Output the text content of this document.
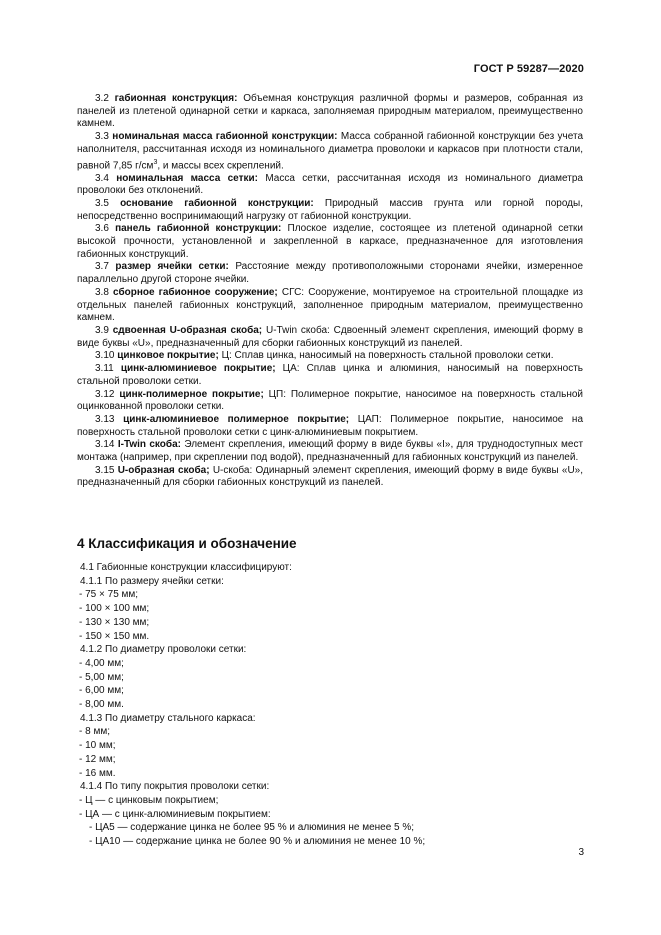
ГОСТ Р 59287—2020
3.2 габионная конструкция: Объемная конструкция различной формы и размеров, собранная из панелей из плетеной одинарной сетки и каркаса, заполняемая природным материалом, преимущественно камнем.
3.3 номинальная масса габионной конструкции: Масса собранной габионной конструкции без учета наполнителя, рассчитанная исходя из номинального диаметра проволоки и каркасов при плотности стали, равной 7,85 $г/см^3$, и массы всех скреплений.
3.4 номинальная масса сетки: Масса сетки, рассчитанная исходя из номинального диаметра проволоки без отклонений.
3.5 основание габионной конструкции: Природный массив грунта или горной породы, непосредственно воспринимающий нагрузку от габионной конструкции.
3.6 панель габионной конструкции: Плоское изделие, состоящее из плетеной одинарной сетки высокой прочности, установленной и закрепленной в каркасе, предназначенное для изготовления габионных конструкций.
3.7 размер ячейки сетки: Расстояние между противоположными сторонами ячейки, измеренное параллельно другой стороне ячейки.
3.8 сборное габионное сооружение; СГС: Сооружение, монтируемое на строительной площадке из отдельных панелей габионных конструкций, заполненное природным материалом, преимущественно камнем.
3.9 сдвоенная U-образная скоба; U-Twin скоба: Сдвоенный элемент скрепления, имеющий форму в виде буквы «U», предназначенный для сборки габионных конструкций из панелей.
3.10 цинковое покрытие; Ц: Сплав цинка, наносимый на поверхность стальной проволоки сетки.
3.11 цинк-алюминиевое покрытие; ЦА: Сплав цинка и алюминия, наносимый на поверхность стальной проволоки сетки.
3.12 цинк-полимерное покрытие; ЦП: Полимерное покрытие, наносимое на поверхность стальной оцинкованной проволоки сетки.
3.13 цинк-алюминиевое полимерное покрытие; ЦАП: Полимерное покрытие, наносимое на поверхность стальной проволоки сетки с цинк-алюминиевым покрытием.
3.14 I-Twin скоба: Элемент скрепления, имеющий форму в виде буквы «I», для труднодоступных мест монтажа (например, при скреплении под водой), предназначенный для габионных конструкций из панелей.
3.15 U-образная скоба; U-скоба: Одинарный элемент скрепления, имеющий форму в виде буквы «U», предназначенный для сборки габионных конструкций из панелей.
4 Классификация и обозначение
4.1 Габионные конструкции классифицируют:
4.1.1 По размеру ячейки сетки:
- 75 × 75 мм;
- 100 × 100 мм;
- 130 × 130 мм;
- 150 × 150 мм.
4.1.2 По диаметру проволоки сетки:
- 4,00 мм;
- 5,00 мм;
- 6,00 мм;
- 8,00 мм.
4.1.3 По диаметру стального каркаса:
- 8 мм;
- 10 мм;
- 12 мм;
- 16 мм.
4.1.4 По типу покрытия проволоки сетки:
- Ц — с цинковым покрытием;
- ЦА — с цинк-алюминиевым покрытием:
- ЦА5 — содержание цинка не более 95 % и алюминия не менее 5 %;
- ЦА10 — содержание цинка не более 90 % и алюминия не менее 10 %;
3
